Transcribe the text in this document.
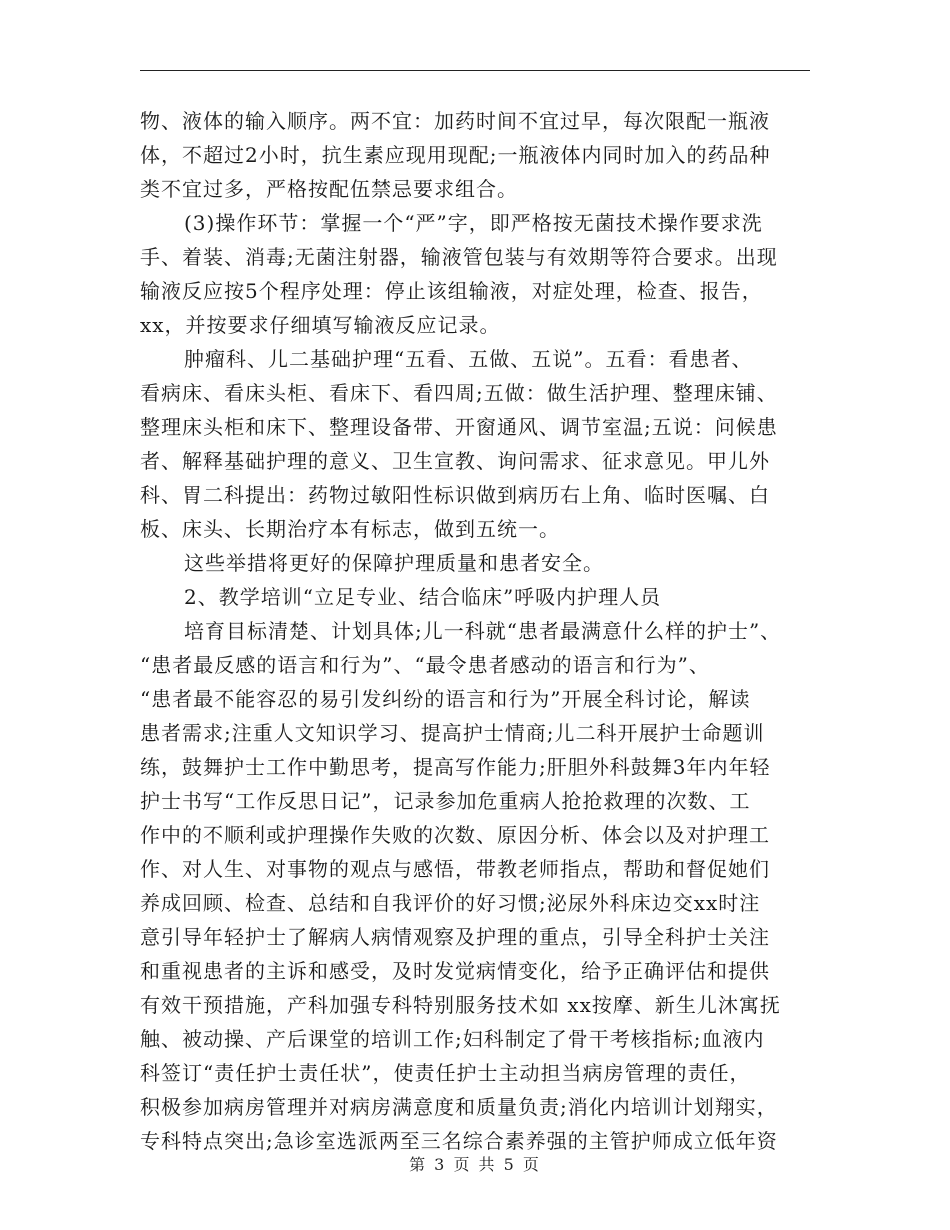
物、液体的输入顺序。两不宜：加药时间不宜过早，每次限配一瓶液
体，不超过2小时，抗生素应现用现配;一瓶液体内同时加入的药品种
类不宜过多，严格按配伍禁忌要求组合。
(3)操作环节：掌握一个“严”字，即严格按无菌技术操作要求洗
手、着装、消毒;无菌注射器，输液管包装与有效期等符合要求。出现
输液反应按5个程序处理：停止该组输液，对症处理，检查、报告，
xx，并按要求仔细填写输液反应记录。
肿瘤科、儿二基础护理“五看、五做、五说”。五看：看患者、
看病床、看床头柜、看床下、看四周;五做：做生活护理、整理床铺、
整理床头柜和床下、整理设备带、开窗通风、调节室温;五说：问候患
者、解释基础护理的意义、卫生宣教、询问需求、征求意见。甲儿外
科、胃二科提出：药物过敏阳性标识做到病历右上角、临时医嘱、白
板、床头、长期治疗本有标志，做到五统一。
这些举措将更好的保障护理质量和患者安全。
2、教学培训“立足专业、结合临床”呼吸内护理人员
培育目标清楚、计划具体;儿一科就“患者最满意什么样的护士”、
“患者最反感的语言和行为”、“最令患者感动的语言和行为”、
“患者最不能容忍的易引发纠纷的语言和行为”开展全科讨论，解读
患者需求;注重人文知识学习、提高护士情商;儿二科开展护士命题训
练，鼓舞护士工作中勤思考，提高写作能力;肝胆外科鼓舞3年内年轻
护士书写“工作反思日记”，记录参加危重病人抢抢救理的次数、工
作中的不顺利或护理操作失败的次数、原因分析、体会以及对护理工
作、对人生、对事物的观点与感悟，带教老师指点，帮助和督促她们
养成回顾、检查、总结和自我评价的好习惯;泌尿外科床边交xx时注
意引导年轻护士了解病人病情观察及护理的重点，引导全科护士关注
和重视患者的主诉和感受，及时发觉病情变化，给予正确评估和提供
有效干预措施，产科加强专科特别服务技术如 xx按摩、新生儿沐寓抚
触、被动操、产后课堂的培训工作;妇科制定了骨干考核指标;血液内
科签订“责任护士责任状”，使责任护士主动担当病房管理的责任，
积极参加病房管理并对病房满意度和质量负责;消化内培训计划翔实，
专科特点突出;急诊室选派两至三名综合素养强的主管护师成立低年资
第 3 页 共 5 页
